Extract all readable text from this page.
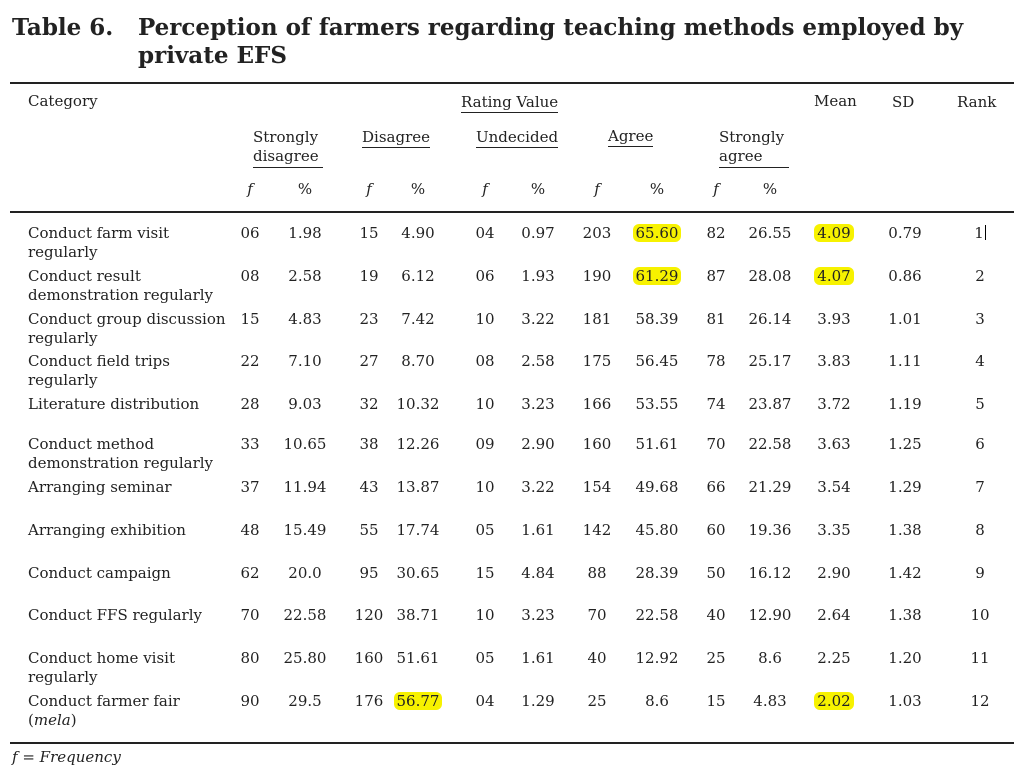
Table 6. Perception of farmers regarding teaching methods employed by private EFS
Category	Rating Value	Mean SD	Rank
Strongly disagree
Disagree	Undecided	Agree	Strongly agree
f	%	f	%	f	%	f	%	f	%
Conduct farm visit regularly
06	1.98	15	4.90	04	0.97	203	65.60	82	26.55	4.09	0.79	1
Conduct result demonstration regularly
08	2.58	19	6.12	06	1.93	190	61.29	87	28.08	4.07	0.86	2
Conduct group discussion regularly
15	4.83	23	7.42	10	3.22	181	58.39	81	26.14	3.93	1.01	3
Conduct field trips regularly
22	7.10	27	8.70	08	2.58	175	56.45	78	25.17	3.83	1.11	4
Literature distribution	28	9.03	32	10.32	10	3.23	166	53.55	74	23.87	3.72	1.19	5
Conduct method demonstration regularly
33	10.65	38	12.26	09	2.90	160	51.61	70	22.58	3.63	1.25	6
Arranging seminar	37	11.94	43	13.87	10	3.22	154	49.68	66	21.29	3.54	1.29	7
Arranging exhibition	48	15.49	55	17.74	05	1.61	142	45.80	60	19.36	3.35	1.38	8
Conduct campaign	62	20.0	95	30.65	15	4.84	88	28.39	50	16.12	2.90	1.42	9
Conduct FFS regularly	70	22.58	120 38.71	10	3.23	70	22.58	40	12.90	2.64	1.38	10
Conduct home visit regularly
80	25.80	160 51.61	05	1.61	40	12.92	25	8.6	2.25	1.20	11
Conduct farmer fair (mela)
90	29.5	176 56.77	04	1.29	25	8.6	15	4.83	2.02	1.03	12
f = Frequency
